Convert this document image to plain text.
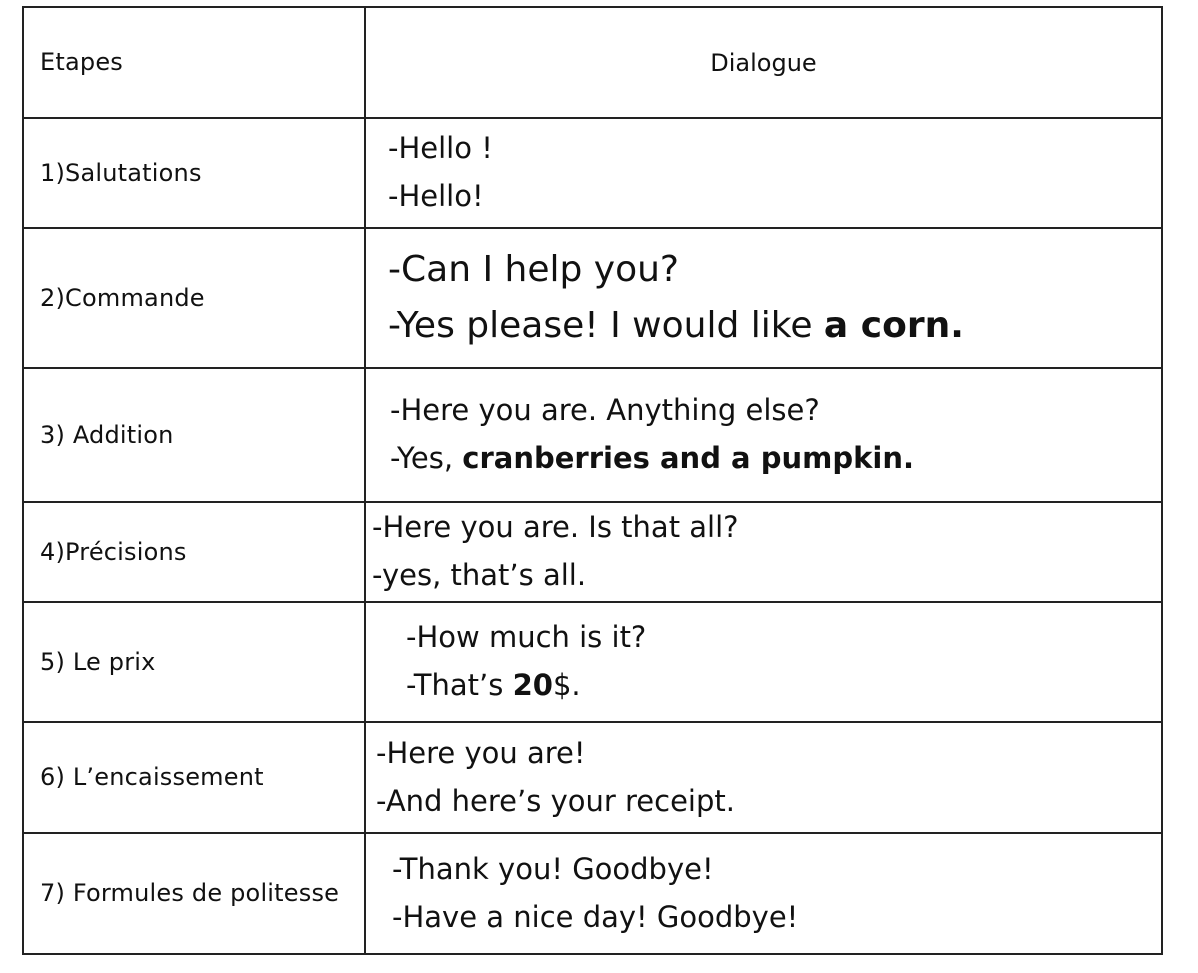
Etapes	Dialogue
1)Salutations	-Hello !
-Hello!

2)Commande	-Can I help you?
-Yes please! I would like a corn.

3) Addition	-Here you are. Anything else?
-Yes, cranberries and a pumpkin.

4)Précisions	-Here you are. Is that all?
-yes, that’s all.

5) Le prix	-How much is it?
-That’s 20$.

6) L’encaissement	-Here you are!
-And here’s your receipt.

7) Formules de politesse	-Thank you! Goodbye!
-Have a nice day! Goodbye!
